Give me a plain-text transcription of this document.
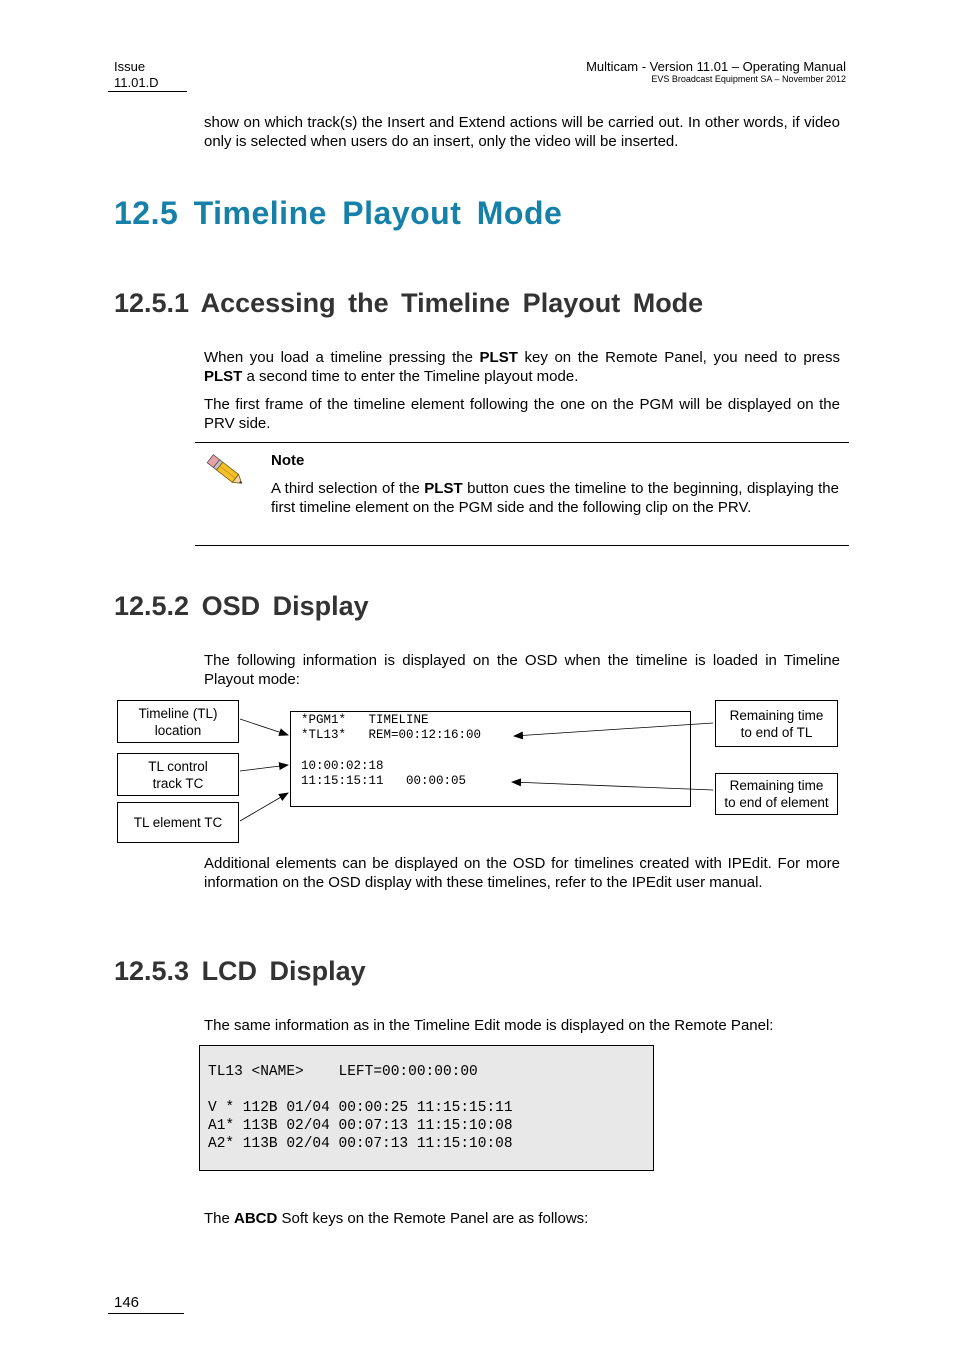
Issue
11.01.D
Multicam - Version 11.01 – Operating Manual
EVS Broadcast Equipment SA – November 2012
show on which track(s) the Insert and Extend actions will be carried out. In other words, if video only is selected when users do an insert, only the video will be inserted.
12.5 Timeline Playout Mode
12.5.1 Accessing the Timeline Playout Mode
When you load a timeline pressing the PLST key on the Remote Panel, you need to press PLST a second time to enter the Timeline playout mode.
The first frame of the timeline element following the one on the PGM will be displayed on the PRV side.
Note
A third selection of the PLST button cues the timeline to the beginning, displaying the first timeline element on the PGM side and the following clip on the PRV.
12.5.2 OSD Display
The following information is displayed on the OSD when the timeline is loaded in Timeline Playout mode:
Timeline (TL)
location
TL control
track TC
TL element TC
Remaining time
to end of TL
Remaining time
to end of element
*PGM1*   TIMELINE
*TL13*   REM=00:12:16:00
10:00:02:18
11:15:15:11   00:00:05
Additional elements can be displayed on the OSD for timelines created with IPEdit. For more information on the OSD display with these timelines, refer to the IPEdit user manual.
12.5.3 LCD Display
The same information as in the Timeline Edit mode is displayed on the Remote Panel:
TL13 <NAME>    LEFT=00:00:00:00
V * 112B 01/04 00:00:25 11:15:15:11
A1* 113B 02/04 00:07:13 11:15:10:08
A2* 113B 02/04 00:07:13 11:15:10:08
The ABCD Soft keys on the Remote Panel are as follows:
146
